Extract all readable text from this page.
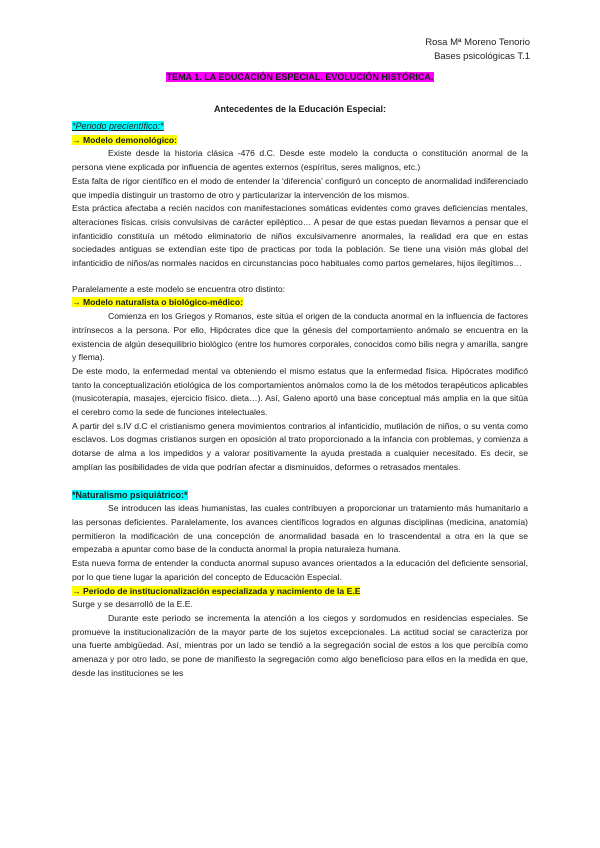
Rosa Mª Moreno Tenorio
Bases psicológicas T.1
TEMA 1. LA EDUCACIÓN ESPECIAL. EVOLUCIÓN HISTÓRICA.
Antecedentes de la Educación Especial:

*Periodo precientífico:*

→ Modelo demonológico:

Existe desde la historia clásica -476 d.C. Desde este modelo la conducta o constitución anormal de la persona viene explicada por influencia de agentes externos (espíritus, seres malignos, etc.)

Esta falta de rigor científico en el modo de entender la ‘diferencia’ configuró un concepto de anormalidad indiferenciado que impedía distinguir un trastorno de otro y particularizar la intervención de los mismos.

Esta práctica afectaba a recién nacidos con manifestaciones somáticas evidentes como graves deficiencias mentales, alteraciones físicas. crisis convulsivas de carácter epiléptico… A pesar de que estas puedan llevarnos a pensar que el infanticidio constituía un método eliminatorio de niños exculsivamenre anormales, la realidad era que en estas sociedades antiguas se extendían este tipo de practicas por toda la población. Se tiene una visión más global del infanticidio de niños/as normales nacidos en circunstancias poco habituales como partos gemelares, hijos ilegítimos…

Paralelamente a este modelo se encuentra otro distinto:

→ Modelo naturalista o biológico-médico:

Comienza en los Griegos y Romanos, este sitúa el origen de la conducta anormal en la influencia de factores intrínsecos a la persona. Por ello, Hipócrates dice que la génesis del comportamiento anómalo se encuentra en la existencia de algún desequilibrio biológico (entre los humores corporales, conocidos como bilis negra y amarilla, sangre y flema).

De este modo, la enfermedad mental va obteniendo el mismo estatus que la enfermedad física. Hipócrates modificó tanto la conceptualización etiológica de los comportamientos anómalos como la de los métodos terapéuticos aplicables (musicoterapia, masajes, ejercicio físico. dieta…). Así, Galeno aportó una base conceptual más amplia en la que sitúa el cerebro como la sede de funciones intelectuales.

A partir del s.IV d.C el cristianismo genera movimientos contrarios al infanticidio, mutilación de niños, o su venta como esclavos. Los dogmas cristianos surgen en oposición al trato proporcionado a la infancia con problemas, y comienza a dotarse de alma a los impedidos y a valorar positivamente la ayuda prestada a cualquier necesitado. Es decir, se amplían las posibilidades de vida que podrían afectar a disminuidos, deformes o retrasados mentales.

*Naturalismo psiquiátrico:*

Se introducen las ideas humanistas, las cuales contribuyen a proporcionar un tratamiento más humanitario a las personas deficientes. Paralelamente, los avances científicos logrados en algunas disciplinas (medicina, anatomía) permitieron la modificación de una concepción de anormalidad basada en lo trascendental a otra en la que se empezaba a apuntar como base de la conducta anormal la propia naturaleza humana.

Esta nueva forma de entender la conducta anormal supuso avances orientados a la educación del deficiente sensorial, por lo que tiene lugar la aparición del concepto de Educación Especial.

→ Periodo de institucionalización especializada y nacimiento de la E.E

Surge y se desarrolló de la E.E.

Durante este periodo se incrementa la atención a los ciegos y sordomudos en residencias especiales. Se promueve la institucionalización de la mayor parte de los sujetos excepcionales. La actitud social se caracteriza por una fuerte ambigüedad. Así, mientras por un lado se tendió a la segregación social de estos a los que percibía como amenaza y por otro lado, se pone de manifiesto la segregación como algo beneficioso para ellos en la medida en que, desde las instituciones se les
